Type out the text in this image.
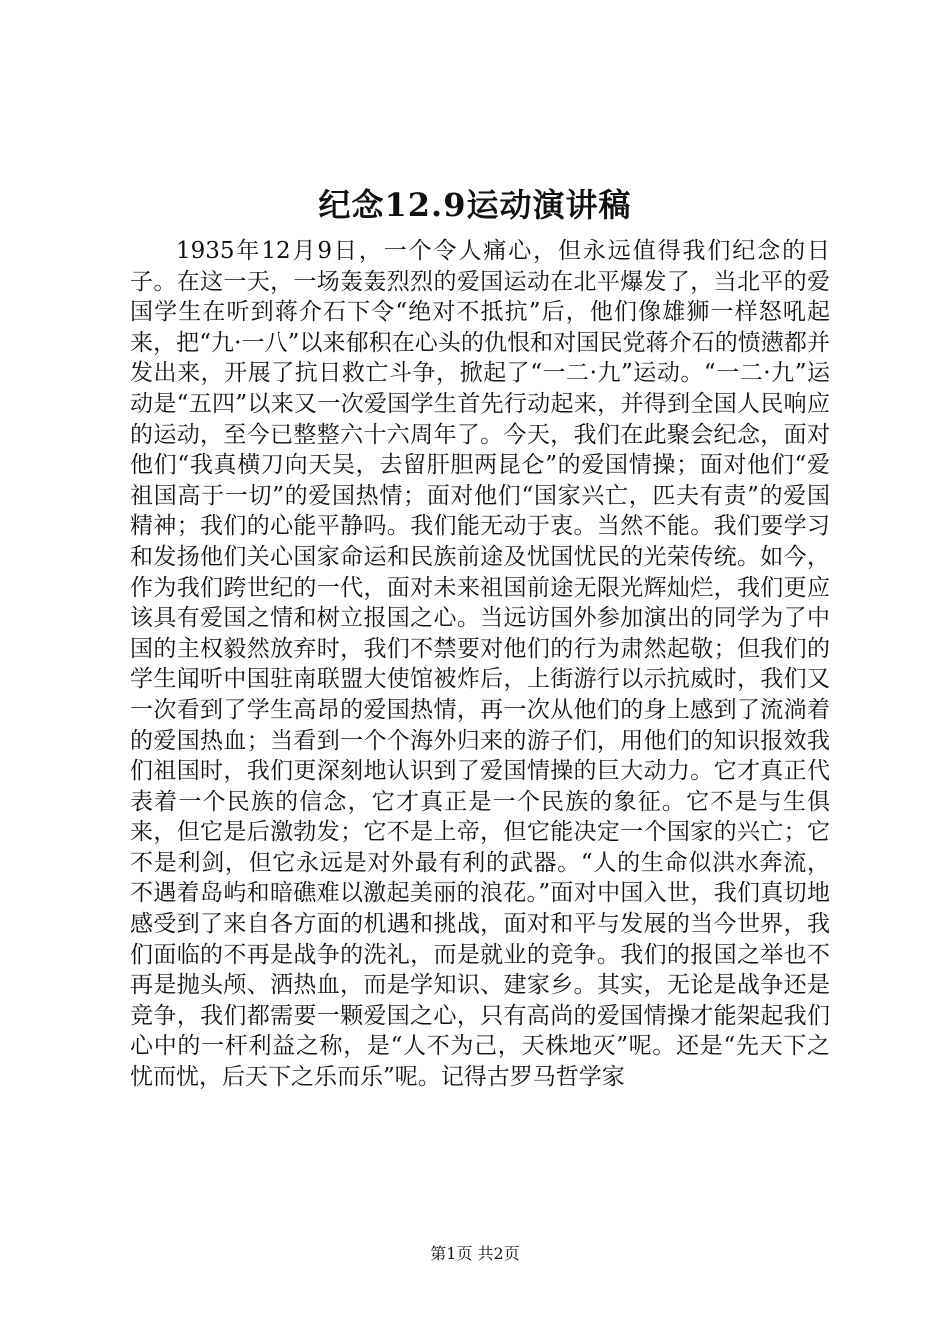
纪念12.9运动演讲稿

1935年12月9日，一个令人痛心，但永远值得我们纪念的日子。在这一天，一场轰轰烈烈的爱国运动在北平爆发了，当北平的爱国学生在听到蒋介石下令“绝对不抵抗”后，他们像雄狮一样怒吼起来，把“九·一八”以来郁积在心头的仇恨和对国民党蒋介石的愤懑都并发出来，开展了抗日救亡斗争，掀起了“一二·九”运动。“一二·九”运动是“五四”以来又一次爱国学生首先行动起来，并得到全国人民响应的运动，至今已整整六十六周年了。今天，我们在此聚会纪念，面对他们“我真横刀向天吴，去留肝胆两昆仑”的爱国情操；面对他们“爱祖国高于一切”的爱国热情；面对他们“国家兴亡，匹夫有责”的爱国精神；我们的心能平静吗。我们能无动于衷。当然不能。我们要学习和发扬他们关心国家命运和民族前途及忧国忧民的光荣传统。如今，作为我们跨世纪的一代，面对未来祖国前途无限光辉灿烂，我们更应该具有爱国之情和树立报国之心。当远访国外参加演出的同学为了中国的主权毅然放弃时，我们不禁要对他们的行为肃然起敬；但我们的学生闻听中国驻南联盟大使馆被炸后，上街游行以示抗威时，我们又一次看到了学生高昂的爱国热情，再一次从他们的身上感到了流淌着的爱国热血；当看到一个个海外归来的游子们，用他们的知识报效我们祖国时，我们更深刻地认识到了爱国情操的巨大动力。它才真正代表着一个民族的信念，它才真正是一个民族的象征。它不是与生俱来，但它是后激勃发；它不是上帝，但它能决定一个国家的兴亡；它不是利剑，但它永远是对外最有利的武器。“人的生命似洪水奔流，不遇着岛屿和暗礁难以激起美丽的浪花。”面对中国入世，我们真切地感受到了来自各方面的机遇和挑战，面对和平与发展的当今世界，我们面临的不再是战争的洗礼，而是就业的竞争。我们的报国之举也不再是抛头颅、洒热血，而是学知识、建家乡。其实，无论是战争还是竞争，我们都需要一颗爱国之心，只有高尚的爱国情操才能架起我们心中的一杆利益之称，是“人不为己，天株地灭”呢。还是“先天下之忧而忧，后天下之乐而乐”呢。记得古罗马哲学家

第1页 共2页
